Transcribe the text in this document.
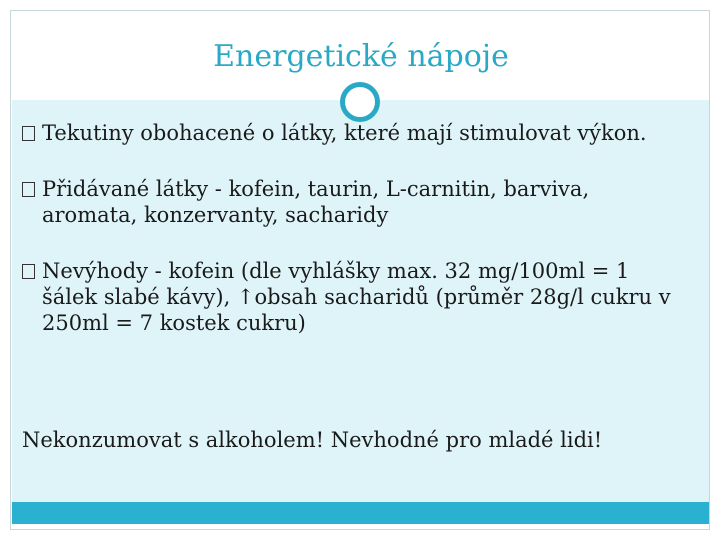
Energetické nápoje
Tekutiny obohacené o látky, které mají stimulovat výkon.
Přidávané látky - kofein, taurin, L-carnitin, barviva, aromata, konzervanty, sacharidy
Nevýhody - kofein (dle vyhlášky max. 32 mg/100ml = 1 šálek slabé kávy), ↑obsah sacharidů (průměr 28g/l cukru v 250ml = 7 kostek cukru)
Nekonzumovat s alkoholem! Nevhodné pro mladé lidi!
